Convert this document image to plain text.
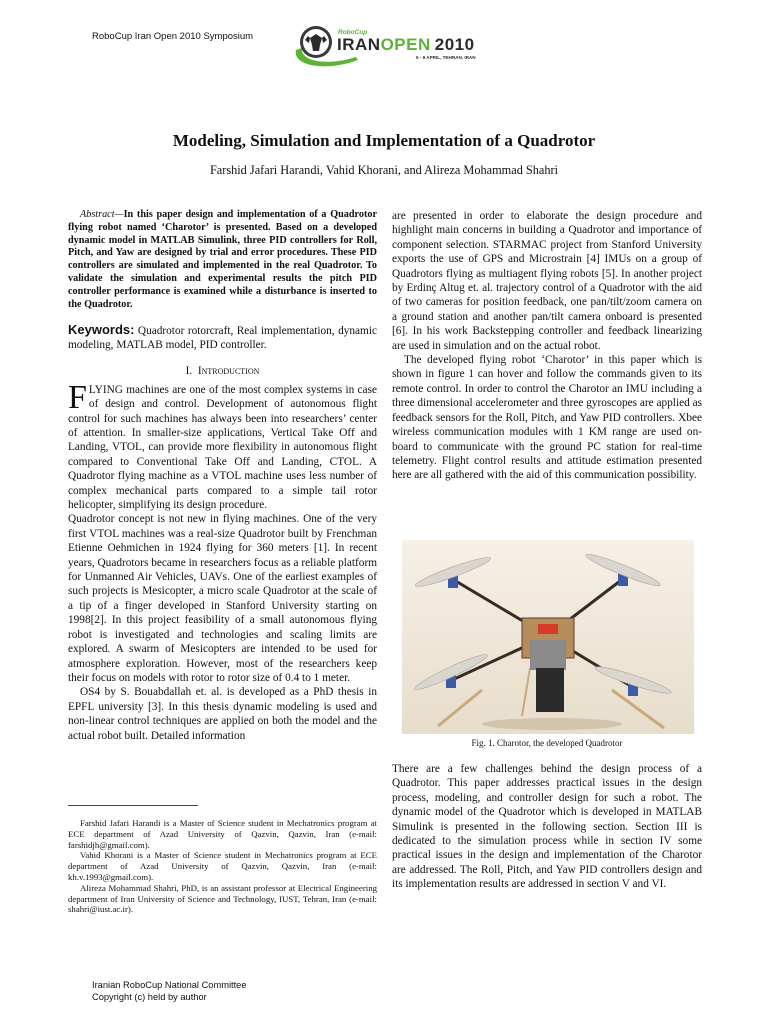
RoboCup Iran Open 2010 Symposium	RoboCup
IRANOPEN 2010
5 - 9 APRIL, TEHRAN, IRAN
Modeling, Simulation and Implementation of a Quadrotor
Farshid Jafari Harandi, Vahid Khorani, and Alireza Mohammad Shahri

Abstract—In this paper design and implementation of a Quadrotor flying robot named ‘Charotor’ is presented. Based on a developed dynamic model in MATLAB Simulink, three PID controllers for Roll, Pitch, and Yaw are designed by trial and error procedures. These PID controllers are simulated and implemented in the real Quadrotor. To validate the simulation and experimental results the pitch PID controller performance is examined while a disturbance is inserted to the Quadrotor.

Keywords: Quadrotor rotorcraft, Real implementation, dynamic modeling, MATLAB model, PID controller.

I. Introduction

FLYING machines are one of the most complex systems in case of design and control. Development of autonomous flight control for such machines has always been into researchers’ center of attention. In smaller-size applications, Vertical Take Off and Landing, VTOL, can provide more flexibility in autonomous flight compared to Conventional Take Off and Landing, CTOL. A Quadrotor flying machine as a VTOL machine uses less number of complex mechanical parts compared to a simple tail rotor helicopter, simplifying its design procedure.

Quadrotor concept is not new in flying machines. One of the very first VTOL machines was a real-size Quadrotor built by Frenchman Etienne Oehmichen in 1924 flying for 360 meters [1]. In recent years, Quadrotors became in researchers focus as a reliable platform for Unmanned Air Vehicles, UAVs. One of the earliest examples of such projects is Mesicopter, a micro scale Quadrotor at the scale of a tip of a finger developed in Stanford University starting on 1998[2]. In this project feasibility of a small autonomous flying robot is investigated and technologies and scaling limits are explored. A swarm of Mesicopters are intended to be used for atmosphere exploration. However, most of the researchers keep their focus on models with rotor to rotor size of 0.4 to 1 meter.

OS4 by S. Bouabdallah et. al. is developed as a PhD thesis in EPFL university [3]. In this thesis dynamic modeling is used and non-linear control techniques are applied on both the model and the actual robot built. Detailed information

Farshid Jafari Harandi is a Master of Science student in Mechatronics program at ECE department of Azad University of Qazvin, Qazvin, Iran (e-mail: farshidjh@gmail.com).

Vahid Khorani is a Master of Science student in Mechatronics program at ECE department of Azad University of Qazvin, Qazvin, Iran (e-mail: kh.v.1993@gmail.com).

Alireza Mohammad Shahri, PhD, is an assistant professor at Electrical Engineering department of Iran University of Science and Technology, IUST, Tehran, Iran (e-mail: shahri@iust.ac.ir).

are presented in order to elaborate the design procedure and highlight main concerns in building a Quadrotor and importance of component selection. STARMAC project from Stanford University exports the use of GPS and Microstrain [4] IMUs on a group of Quadrotors flying as multiagent flying robots [5]. In another project by Erdinç Altug et. al. trajectory control of a Quadrotor with the aid of two cameras for position feedback, one pan/tilt/zoom camera on a ground station and another pan/tilt camera onboard is presented [6]. In his work Backstepping controller and feedback linearizing are used in simulation and on the actual robot.

The developed flying robot ‘Charotor’ in this paper which is shown in figure 1 can hover and follow the commands given to its remote control. In order to control the Charotor an IMU including a three dimensional accelerometer and three gyroscopes are applied as feedback sensors for the Roll, Pitch, and Yaw PID controllers. Xbee wireless communication modules with 1 KM range are used on-board to communicate with the ground PC station for real-time telemetry. Flight control results and attitude estimation presented here are all gathered with the aid of this communication possibility.

Fig. 1. Charotor, the developed Quadrotor

There are a few challenges behind the design process of a Quadrotor. This paper addresses practical issues in the design process, modeling, and controller design for such a robot. The dynamic model of the Quadrotor which is developed in MATLAB Simulink is presented in the following section. Section III is dedicated to the simulation process while in section IV some practical issues in the design and implementation of the Charotor are addressed. The Roll, Pitch, and Yaw PID controllers design and its implementation results are addressed in section V and VI.

Iranian RoboCup National Committee
Copyright (c) held by author
